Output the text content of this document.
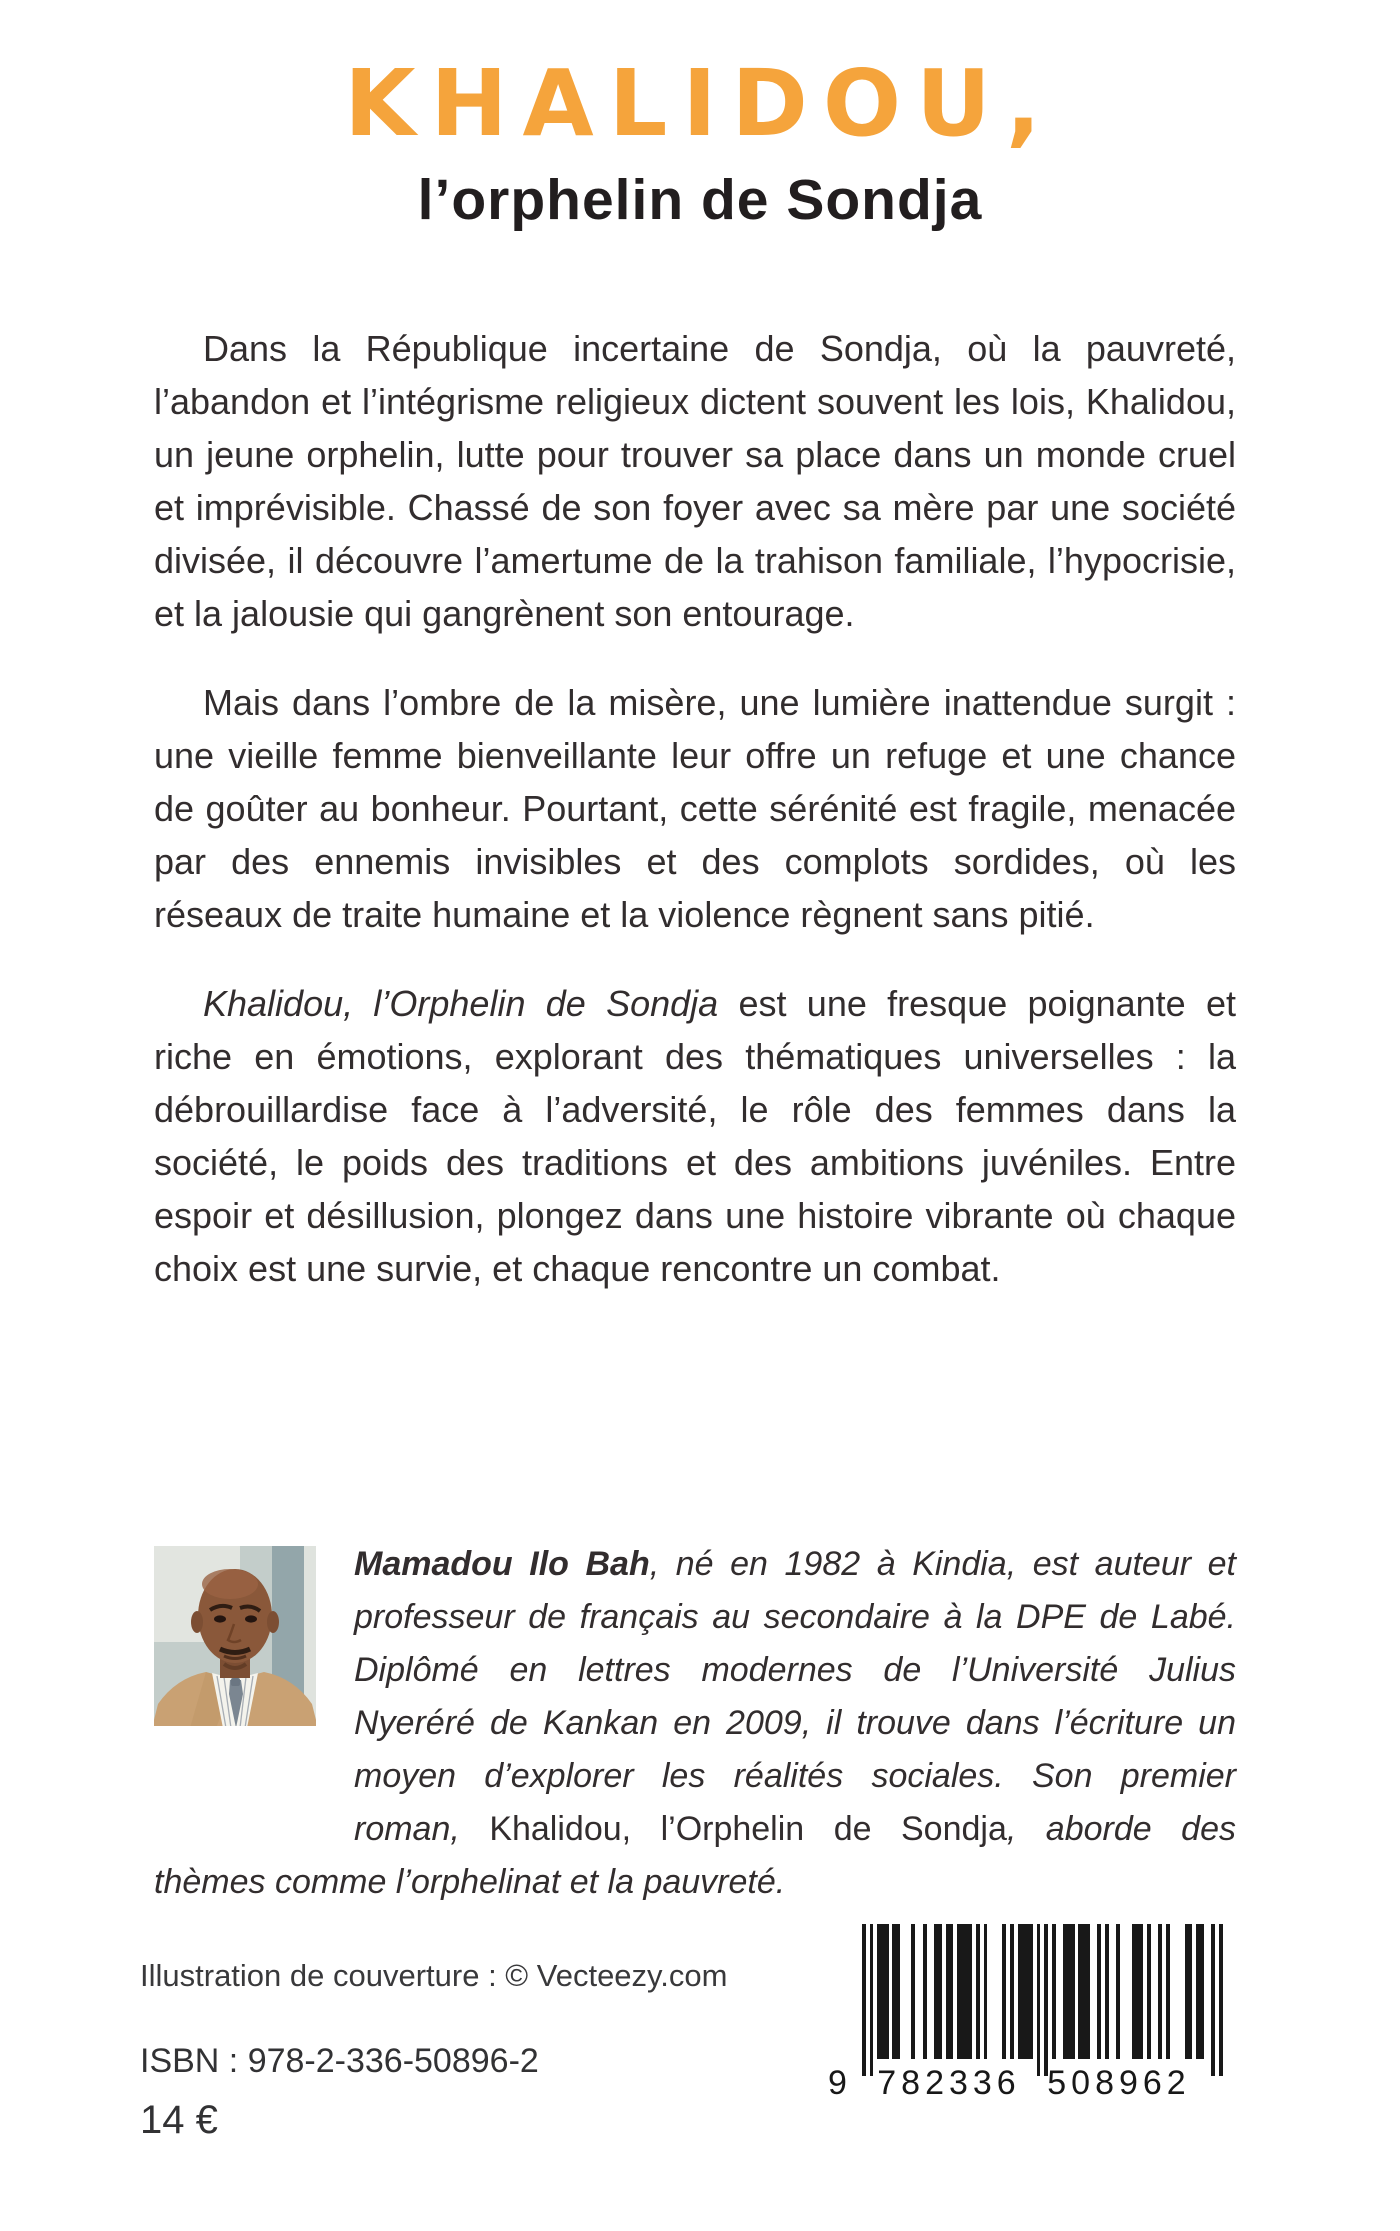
KHALIDOU,
l’orphelin de Sondja

Dans la République incertaine de Sondja, où la pauvreté, l’abandon et l’intégrisme religieux dictent souvent les lois, Khalidou, un jeune orphelin, lutte pour trouver sa place dans un monde cruel et imprévisible. Chassé de son foyer avec sa mère par une société divisée, il découvre l’amertume de la trahison familiale, l’hypocrisie, et la jalousie qui gangrènent son entourage.

Mais dans l’ombre de la misère, une lumière inattendue surgit : une vieille femme bienveillante leur offre un refuge et une chance de goûter au bonheur. Pourtant, cette sérénité est fragile, menacée par des ennemis invisibles et des complots sordides, où les réseaux de traite humaine et la violence règnent sans pitié.

Khalidou, l’Orphelin de Sondja est une fresque poignante et riche en émotions, explorant des thématiques universelles : la débrouillardise face à l’adversité, le rôle des femmes dans la société, le poids des traditions et des ambitions juvéniles. Entre espoir et désillusion, plongez dans une histoire vibrante où chaque choix est une survie, et chaque rencontre un combat.

Mamadou Ilo Bah, né en 1982 à Kindia, est auteur et professeur de français au secondaire à la DPE de Labé. Diplômé en lettres modernes de l’Université Julius Nyeréré de Kankan en 2009, il trouve dans l’écriture un moyen d’explorer les réalités sociales. Son premier roman, Khalidou, l’Orphelin de Sondja, aborde des thèmes comme l’orphelinat et la pauvreté.
Illustration de couverture : © Vecteezy.com
ISBN : 978-2-336-50896-2
14 €
9 782336 508962
